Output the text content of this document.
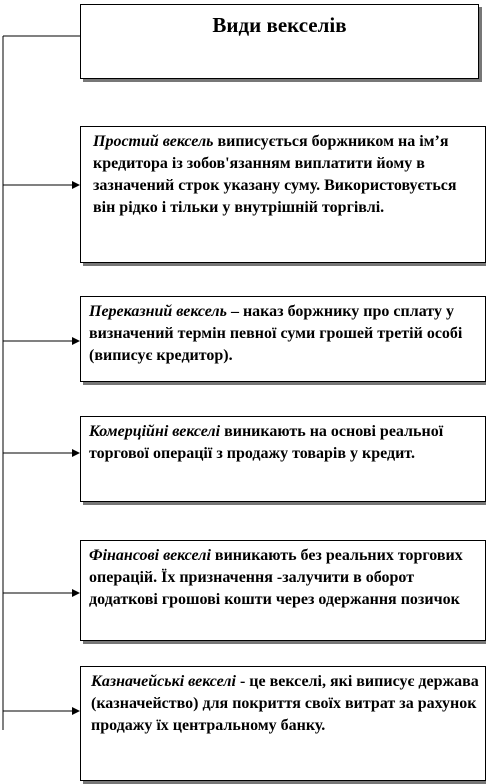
Види векселів
Простий вексель виписується боржником на ім’я кредитора із зобов'язанням виплатити йому в зазначений строк указану суму. Використовується він рідко і тільки у внутрішній торгівлі.
Переказний вексель – наказ боржнику про сплату у визначений термін певної суми грошей третій особі (виписує кредитор).
Комерційні векселі виникають на основі реальної торгової операції з продажу товарів у кредит.
Фінансові векселі виникають без реальних торгових операцій. Їх призначення -залучити в оборот додаткові грошові кошти через одержання позичок
Казначейські векселі - це векселі, які виписує держава (казначейство) для покриття своїх витрат за рахунок продажу їх центральному банку.
